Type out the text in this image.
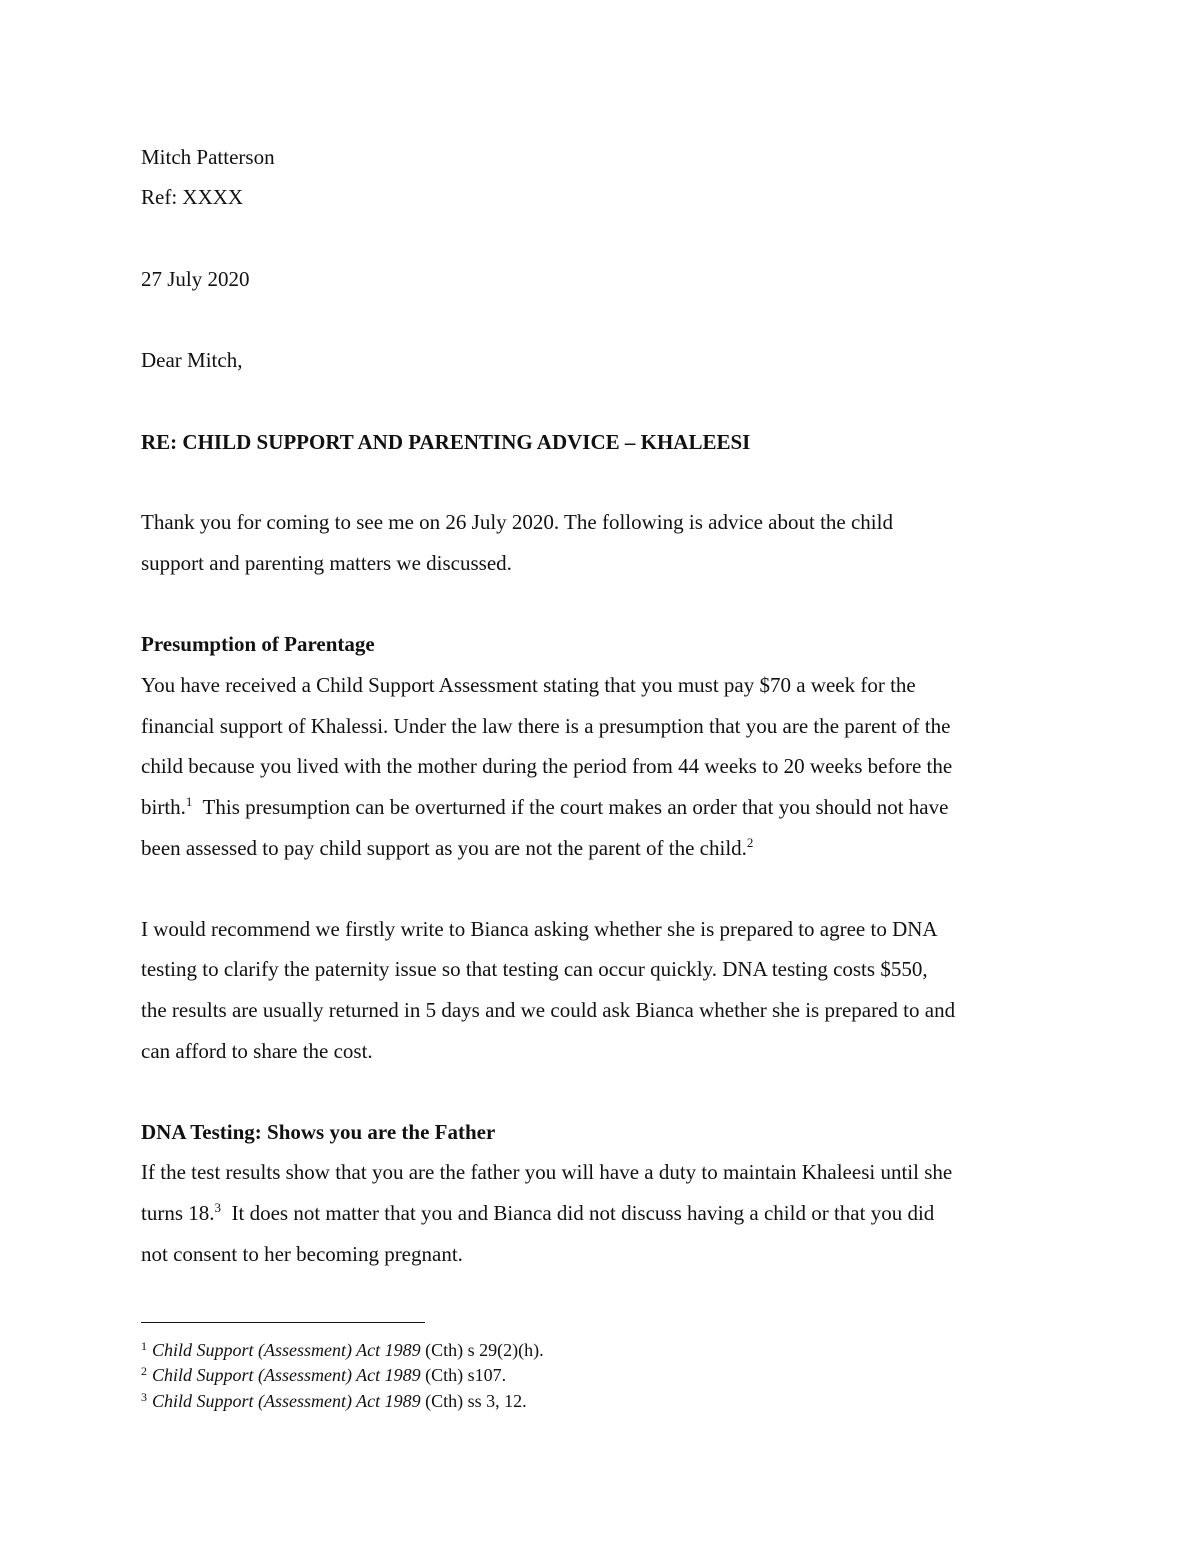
Mitch Patterson
Ref: XXXX
27 July 2020
Dear Mitch,
RE: CHILD SUPPORT AND PARENTING ADVICE – KHALEESI
Thank you for coming to see me on 26 July 2020. The following is advice about the child
support and parenting matters we discussed.
Presumption of Parentage
You have received a Child Support Assessment stating that you must pay $70 a week for the
financial support of Khalessi. Under the law there is a presumption that you are the parent of the
child because you lived with the mother during the period from 44 weeks to 20 weeks before the
birth.$^1$  This presumption can be overturned if the court makes an order that you should not have
been assessed to pay child support as you are not the parent of the child.$^2$
I would recommend we firstly write to Bianca asking whether she is prepared to agree to DNA
testing to clarify the paternity issue so that testing can occur quickly. DNA testing costs $550,
the results are usually returned in 5 days and we could ask Bianca whether she is prepared to and
can afford to share the cost.
DNA Testing: Shows you are the Father
If the test results show that you are the father you will have a duty to maintain Khaleesi until she
turns 18.$^3$  It does not matter that you and Bianca did not discuss having a child or that you did
not consent to her becoming pregnant.
$^1$ Child Support (Assessment) Act 1989 (Cth) s 29(2)(h).
$^2$ Child Support (Assessment) Act 1989 (Cth) s107.
$^3$ Child Support (Assessment) Act 1989 (Cth) ss 3, 12.
